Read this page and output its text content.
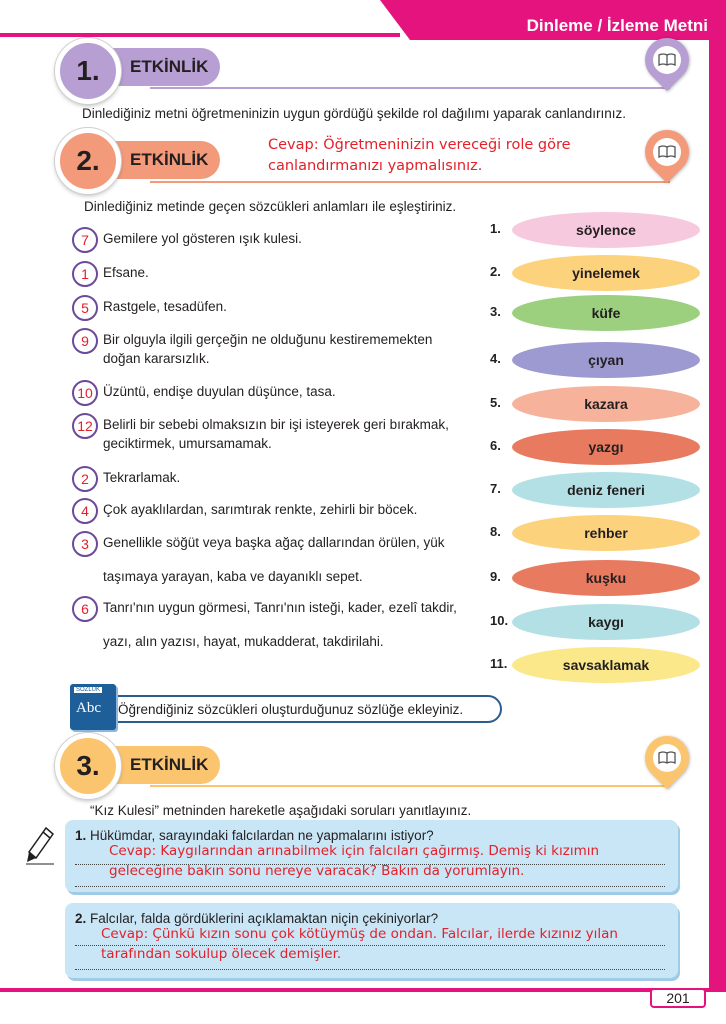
Dinleme / İzleme Metni
ETKİNLİK
1.
Dinlediğiniz metni öğretmeninizin uygun gördüğü şekilde rol dağılımı yaparak canlandırınız.
ETKİNLİK
2.	Cevap: Öğretmeninizin vereceği role göre
canlandırmanızı yapmalısınız.
Dinlediğiniz metinde geçen sözcükleri anlamları ile eşleştiriniz.
7	Gemilere yol gösteren ışık kulesi.
1	Efsane.
5	Rastgele, tesadüfen.
9	Bir olguyla ilgili gerçeğin ne olduğunu kestirememekten
doğan kararsızlık.
10 Üzüntü, endişe duyulan düşünce, tasa.
12 Belirli bir sebebi olmaksızın bir işi isteyerek geri bırakmak,
geciktirmek, umursamamak.
2	Tekrarlamak.
4	Çok ayaklılardan, sarımtırak renkte, zehirli bir böcek.
3	Genellikle söğüt veya başka ağaç dallarından örülen, yük
taşımaya yarayan, kaba ve dayanıklı sepet.
6	Tanrı'nın uygun görmesi, Tanrı'nın isteği, kader, ezelî takdir,
yazı, alın yazısı, hayat, mukadderat, takdirilahi.
1.	söylence
2.	yinelemek
3.	küfe
4.	çıyan
5.	kazara
6.	yazgı
7.	deniz feneri
8.	rehber
9.	kuşku
10.	kaygı
11.	savsaklamak
SÖZLÜK
Abc Öğrendiğiniz sözcükleri oluşturduğunuz sözlüğe ekleyiniz.
ETKİNLİK
3.
“Kız Kulesi” metninden hareketle aşağıdaki soruları yanıtlayınız.
1. Hükümdar, sarayındaki falcılardan ne yapmalarını istiyor?
Cevap: Kaygılarından arınabilmek için falcıları çağırmış. Demiş ki kızımın
geleceğine bakın sonu nereye varacak? Bakın da yorumlayın.
2. Falcılar, falda gördüklerini açıklamaktan niçin çekiniyorlar?
Cevap: Çünkü kızın sonu çok kötüymüş de ondan. Falcılar, ilerde kızınız yılan
tarafından sokulup ölecek demişler.
201
